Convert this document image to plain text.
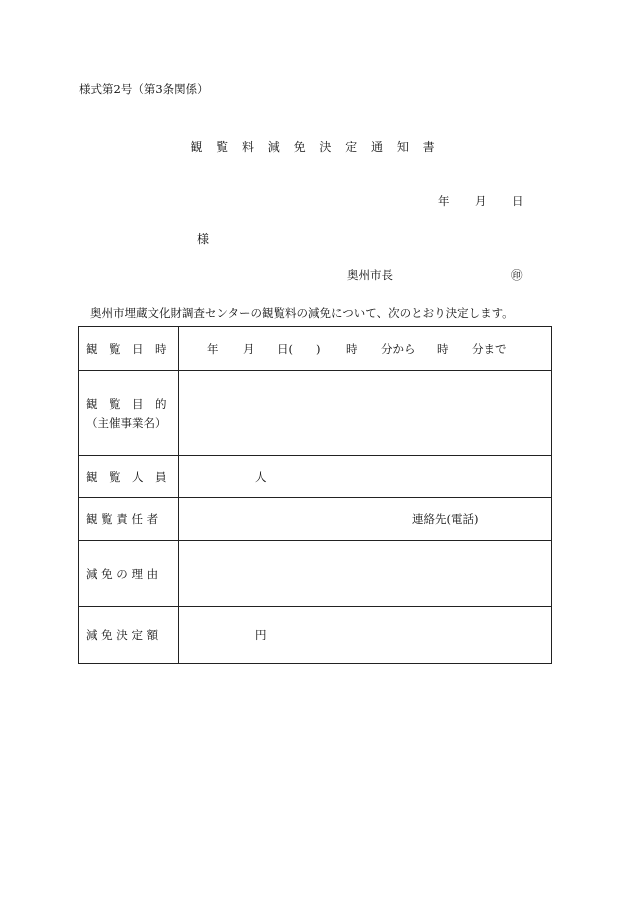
様式第2号（第3条関係）
観 覧 料 減 免 決 定 通 知 書
年 月 日
様
奥州市長	㊞
奥州市埋蔵文化財調査センターの観覧料の減免について、次のとおり決定します。
観　覧　日　時	年 月 日( ) 時 分から 時 分まで
観　覧　目　的
（主催事業名）	

観　覧　人　員	人
観 覧 責 任 者	連絡先(電話)
減 免 の 理 由	
減 免 決 定 額	円
